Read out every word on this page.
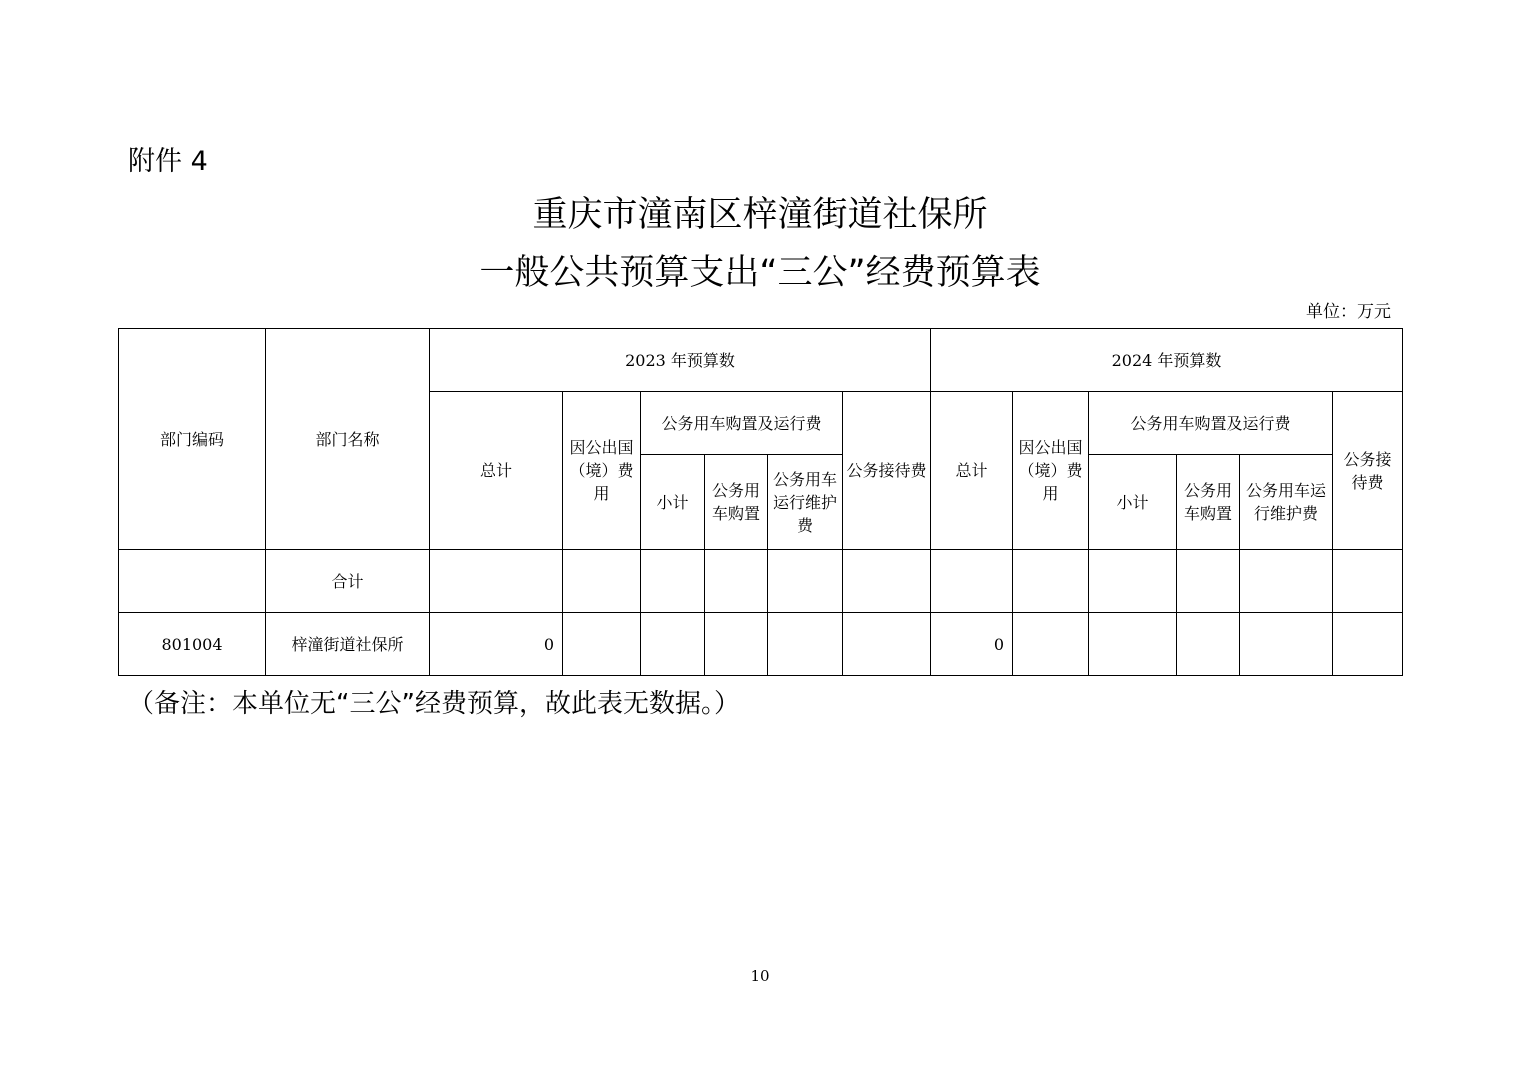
附件 4
重庆市潼南区梓潼街道社保所
一般公共预算支出“三公”经费预算表
单位：万元
部门编码	部门名称	2023 年预算数						2024 年预算数					
		总计	因公出国（境）费用	公务用车购置及运行费			公务接待费	总计	因公出国（境）费用	公务用车购置及运行费			公务接待费
				小计	公务用车购置	公务用车运行维护费				小计	公务用车购置	公务用车运行维护费	
	合计												
801004	梓潼街道社保所	0						0					
（备注：本单位无“三公”经费预算，故此表无数据。）
10
